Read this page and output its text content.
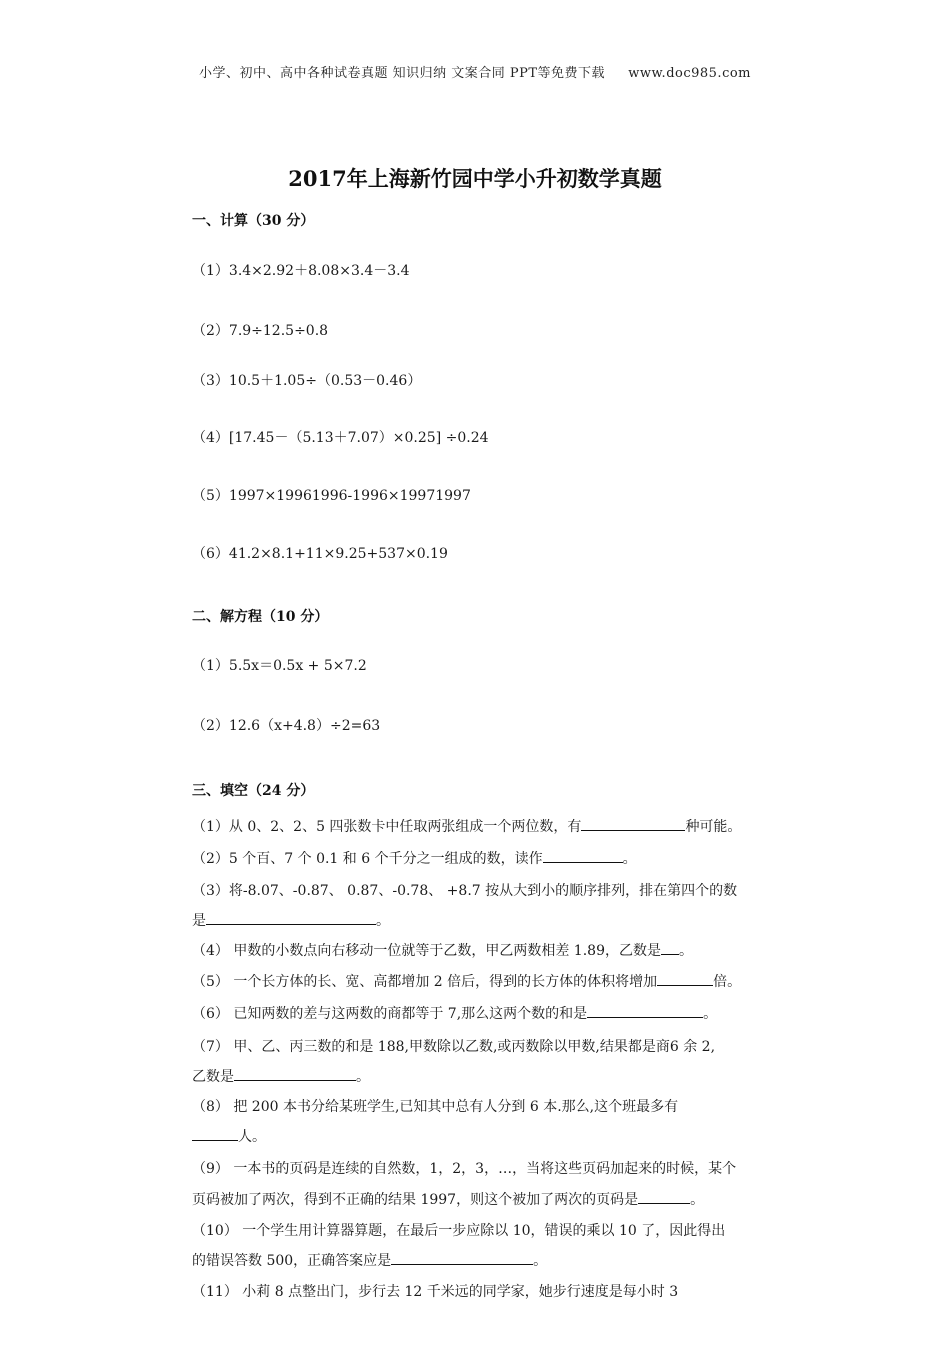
小学、初中、高中各种试卷真题 知识归纳 文案合同 PPT等免费下载 www.doc985.com
2017年上海新竹园中学小升初数学真题
一、计算（30 分）
（1）3.4×2.92＋8.08×3.4－3.4
（2）7.9÷12.5÷0.8
（3）10.5＋1.05÷（0.53－0.46）
（4）[17.45－（5.13＋7.07）×0.25] ÷0.24
（5）1997×19961996-1996×19971997
（6）41.2×8.1+11×9.25+537×0.19
二、解方程（10 分）
（1）5.5x＝0.5x + 5×7.2
（2）12.6（x+4.8）÷2=63
三、填空（24 分）
（1）从 0、2、2、5 四张数卡中任取两张组成一个两位数，有	种可能。
（2）5 个百、7 个 0.1 和 6 个千分之一组成的数，读作	。
（3）将-8.07、-0.87、 0.87、-0.78、 +8.7 按从大到小的顺序排列，排在第四个的数
是	。
（4） 甲数的小数点向右移动一位就等于乙数，甲乙两数相差 1.89，乙数是 。
（5） 一个长方体的长、宽、高都增加 2 倍后，得到的长方体的体积将增加	倍。
（6） 已知两数的差与这两数的商都等于 7,那么这两个数的和是	。
（7） 甲、乙、丙三数的和是 188,甲数除以乙数,或丙数除以甲数,结果都是商6 余 2,
乙数是	。
（8） 把 200 本书分给某班学生,已知其中总有人分到 6 本.那么,这个班最多有
人。
（9） 一本书的页码是连续的自然数，1，2，3，…，当将这些页码加起来的时候，某个
页码被加了两次，得到不正确的结果 1997，则这个被加了两次的页码是	。
（10） 一个学生用计算器算题，在最后一步应除以 10，错误的乘以 10 了，因此得出
的错误答数 500，正确答案应是	。
（11） 小莉 8 点整出门，步行去 12 千米远的同学家，她步行速度是每小时 3
